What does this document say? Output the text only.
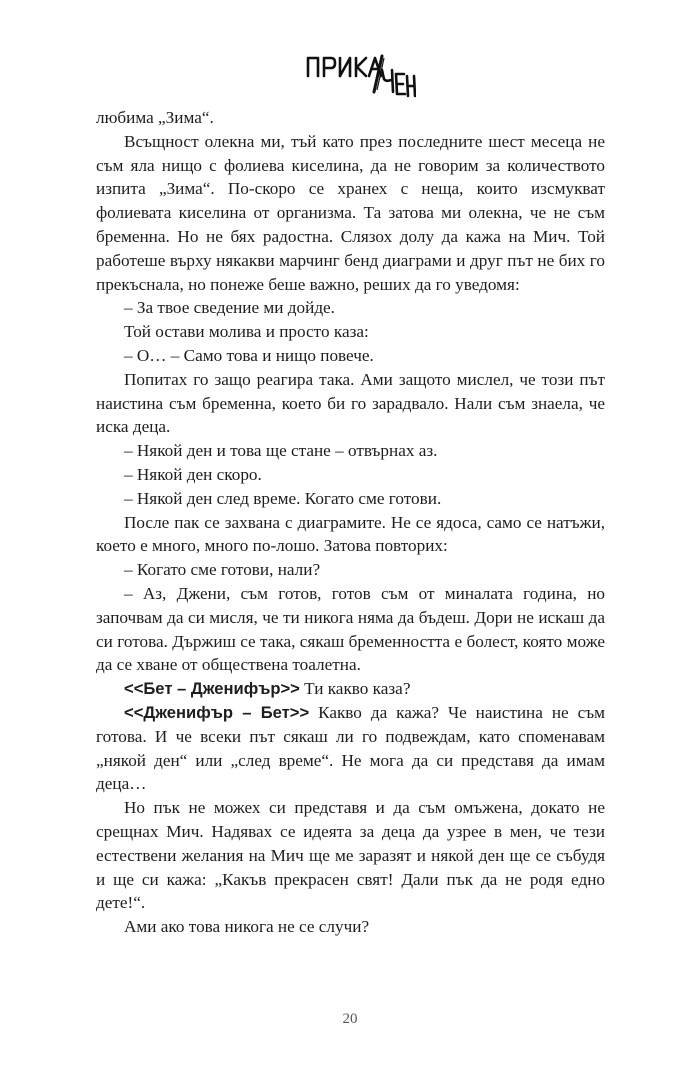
любима „Зима“.

Всъщност олекна ми, тъй като през последните шест месеца не съм яла нищо с фолиева киселина, да не говорим за количеството изпита „Зима“. По-скоро се хранех с неща, които изсмукват фолиевата киселина от организма. Та затова ми олекна, че не съм бременна. Но не бях радостна. Слязох долу да кажа на Мич. Той работеше върху някакви марчинг бенд диаграми и друг път не бих го прекъснала, но понеже беше важно, реших да го уведомя:

– За твое сведение ми дойде.

Той остави молива и просто каза:

– О… – Само това и нищо повече.

Попитах го защо реагира така. Ами защото мислел, че този път наистина съм бременна, което би го зарадвало. Нали съм знаела, че иска деца.

– Някой ден и това ще стане – отвърнах аз.

– Някой ден скоро.

– Някой ден след време. Когато сме готови.

После пак се захвана с диаграмите. Не се ядоса, само се натъжи, което е много, много по-лошо. Затова повторих:

– Когато сме готови, нали?

– Аз, Джени, съм готов, готов съм от миналата година, но започвам да си мисля, че ти никога няма да бъдеш. Дори не искаш да си готова. Държиш се така, сякаш бременността е болест, която може да се хване от обществена тоалетна.

<<Бет – Дженифър>> Ти какво каза?

<<Дженифър – Бет>> Какво да кажа? Че наистина не съм готова. И че всеки път сякаш ли го подвеждам, като споменавам „някой ден“ или „след време“. Не мога да си представя да имам деца…

Но пък не можех си представя и да съм омъжена, докато не срещнах Мич. Надявах се идеята за деца да узрее в мен, че тези естествени желания на Мич ще ме заразят и някой ден ще се събудя и ще си кажа: „Какъв прекрасен свят! Дали пък да не родя едно дете!“.

Ами ако това никога не се случи?

20
